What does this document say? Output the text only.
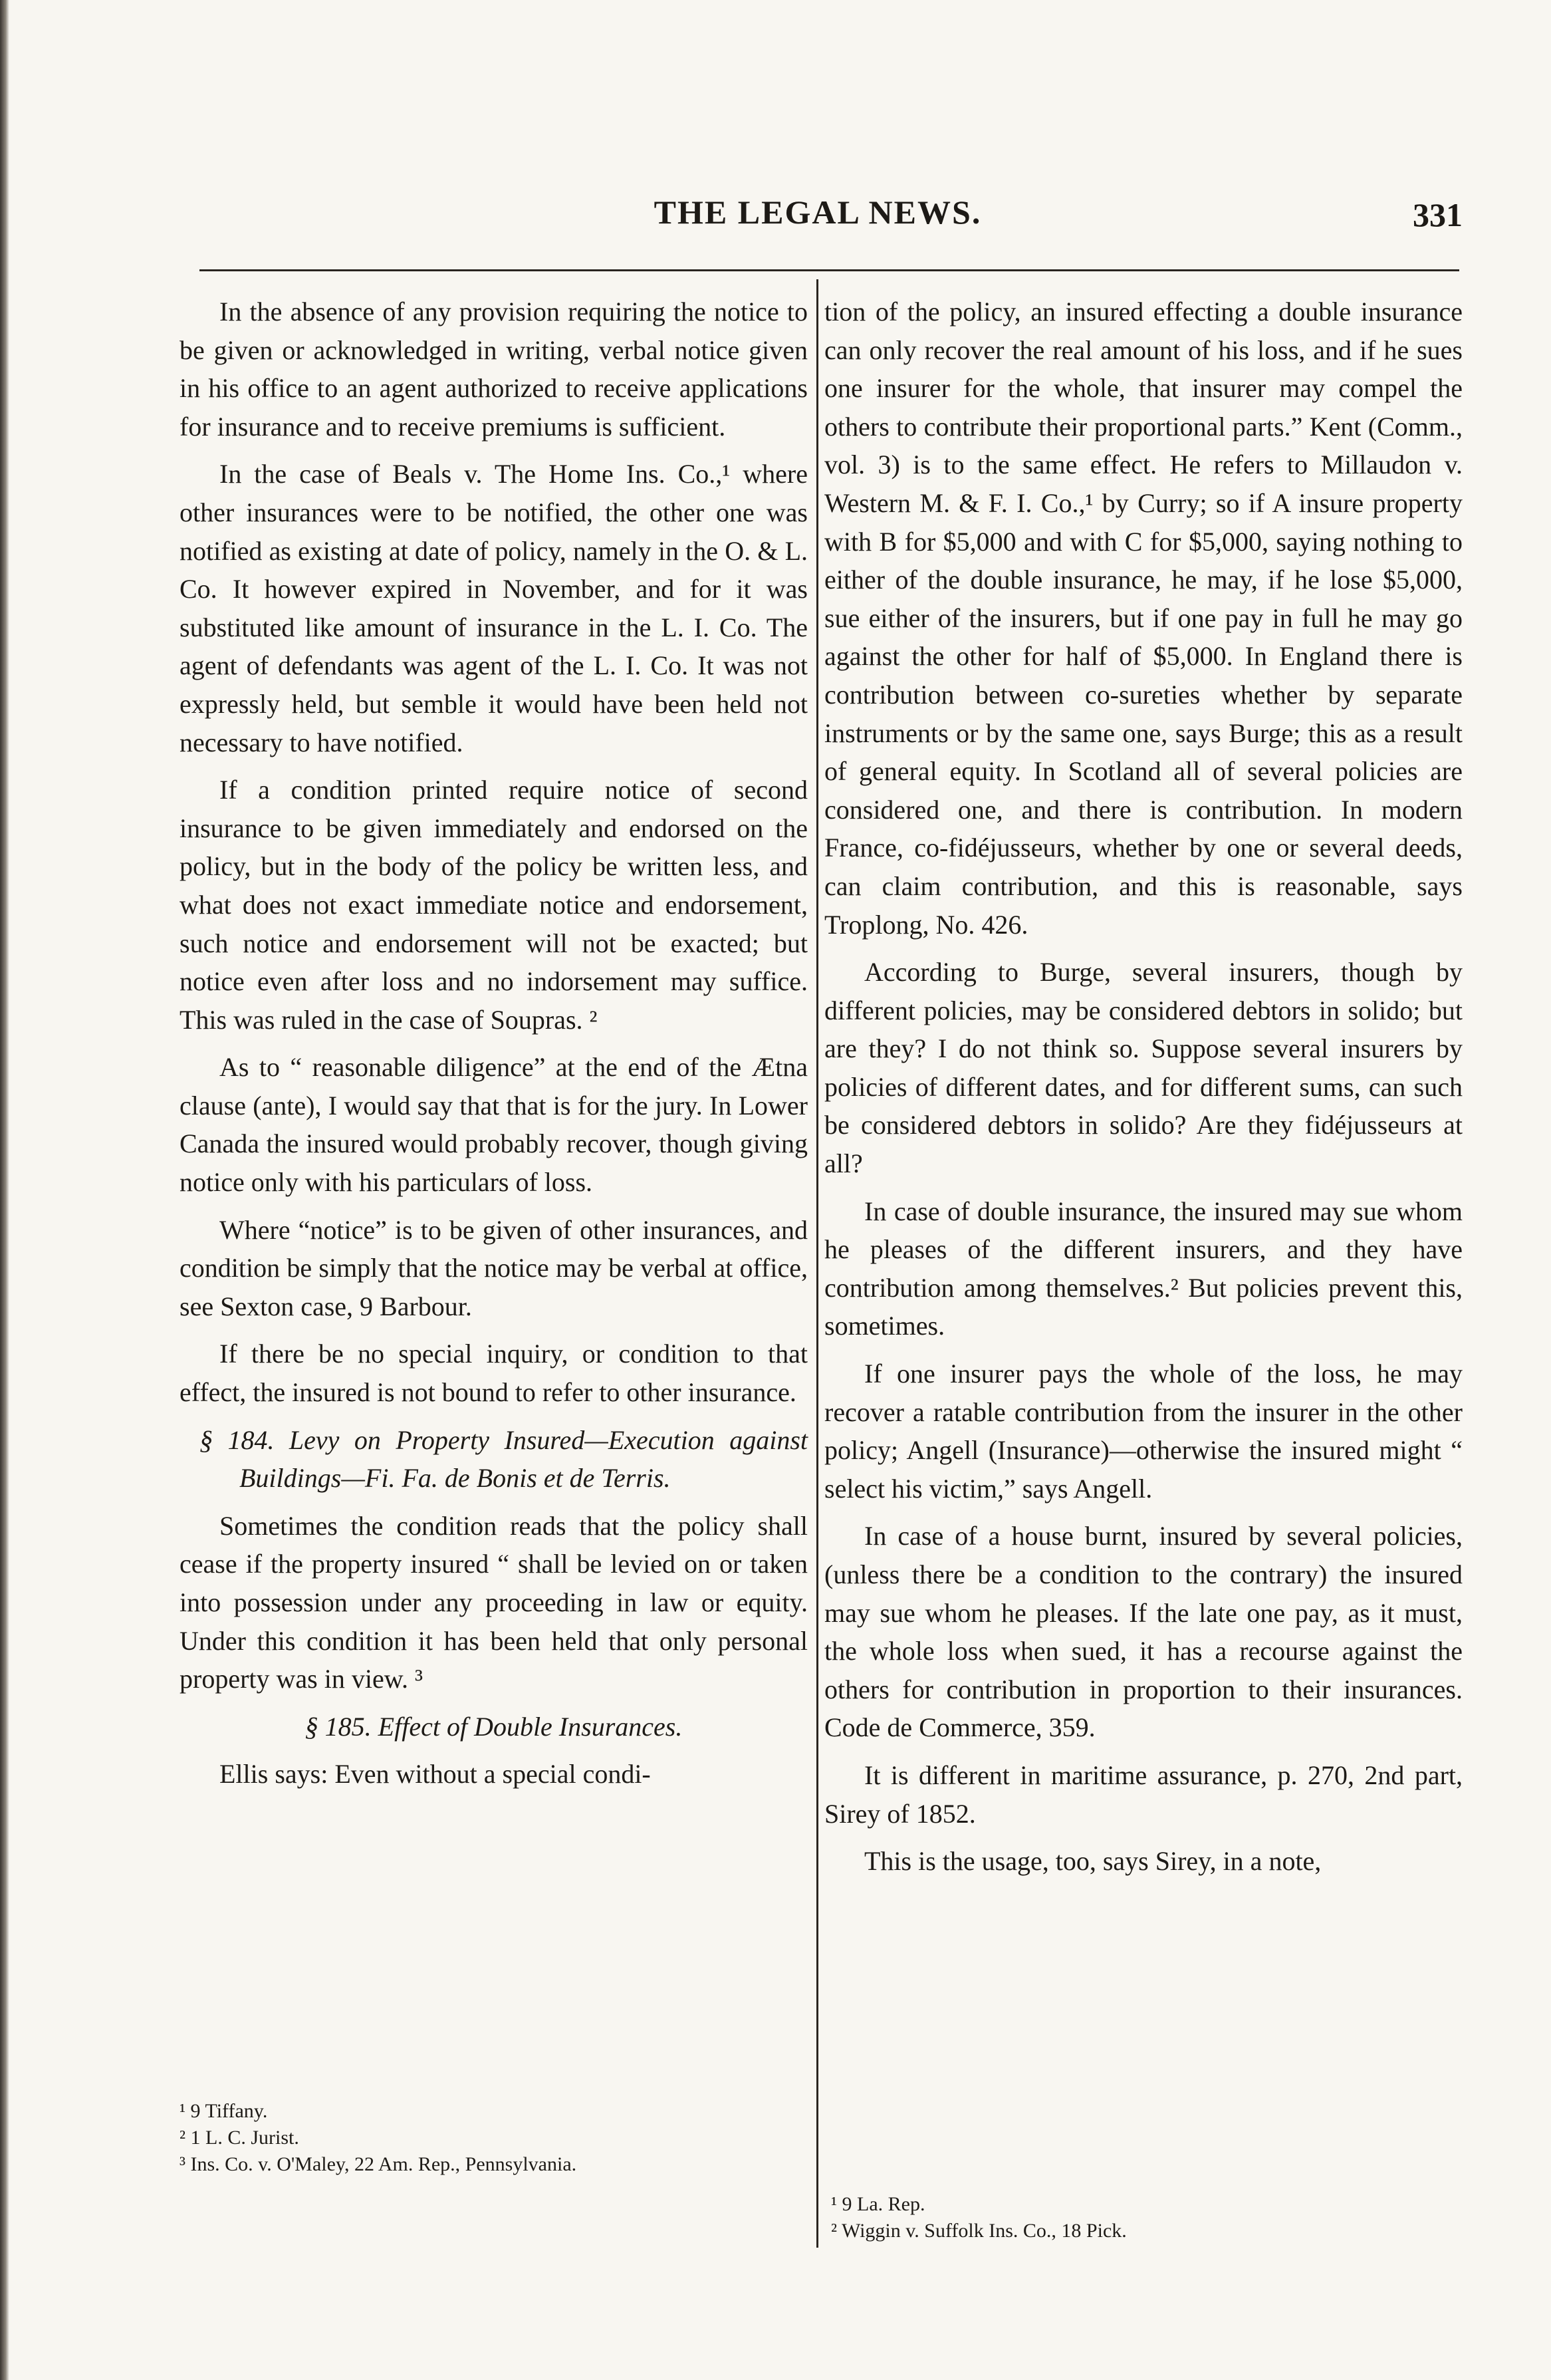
THE LEGAL NEWS.	331

In the absence of any provision requiring the notice to be given or acknowledged in writing, verbal notice given in his office to an agent authorized to receive applications for insurance and to receive premiums is sufficient.

In the case of Beals v. The Home Ins. Co.,¹ where other insurances were to be notified, the other one was notified as existing at date of policy, namely in the O. & L. Co. It however expired in November, and for it was substituted like amount of insurance in the L. I. Co. The agent of defendants was agent of the L. I. Co. It was not expressly held, but semble it would have been held not necessary to have notified.

If a condition printed require notice of second insurance to be given immediately and endorsed on the policy, but in the body of the policy be written less, and what does not exact immediate notice and endorsement, such notice and endorsement will not be exacted; but notice even after loss and no indorsement may suffice. This was ruled in the case of Soupras. ²

As to “ reasonable diligence” at the end of the Ætna clause (ante), I would say that that is for the jury. In Lower Canada the insured would probably recover, though giving notice only with his particulars of loss.

Where “notice” is to be given of other insurances, and condition be simply that the notice may be verbal at office, see Sexton case, 9 Barbour.

If there be no special inquiry, or condition to that effect, the insured is not bound to refer to other insurance.

§ 184. Levy on Property Insured—Execution against Buildings—Fi. Fa. de Bonis et de Terris.

Sometimes the condition reads that the policy shall cease if the property insured “ shall be levied on or taken into possession under any proceeding in law or equity. Under this condition it has been held that only personal property was in view. ³

§ 185. Effect of Double Insurances.

Ellis says: Even without a special condi-

tion of the policy, an insured effecting a double insurance can only recover the real amount of his loss, and if he sues one insurer for the whole, that insurer may compel the others to contribute their proportional parts.” Kent (Comm., vol. 3) is to the same effect. He refers to Millaudon v. Western M. & F. I. Co.,¹ by Curry; so if A insure property with B for $5,000 and with C for $5,000, saying nothing to either of the double insurance, he may, if he lose $5,000, sue either of the insurers, but if one pay in full he may go against the other for half of $5,000. In England there is contribution between co-sureties whether by separate instruments or by the same one, says Burge; this as a result of general equity. In Scotland all of several policies are considered one, and there is contribution. In modern France, co-fidéjusseurs, whether by one or several deeds, can claim contribution, and this is reasonable, says Troplong, No. 426.

According to Burge, several insurers, though by different policies, may be considered debtors in solido; but are they? I do not think so. Suppose several insurers by policies of different dates, and for different sums, can such be considered debtors in solido? Are they fidéjusseurs at all?

In case of double insurance, the insured may sue whom he pleases of the different insurers, and they have contribution among themselves.² But policies prevent this, sometimes.

If one insurer pays the whole of the loss, he may recover a ratable contribution from the insurer in the other policy; Angell (Insurance)—otherwise the insured might “ select his victim,” says Angell.

In case of a house burnt, insured by several policies, (unless there be a condition to the contrary) the insured may sue whom he pleases. If the late one pay, as it must, the whole loss when sued, it has a recourse against the others for contribution in proportion to their insurances. Code de Commerce, 359.

It is different in maritime assurance, p. 270, 2nd part, Sirey of 1852.

This is the usage, too, says Sirey, in a note,

¹ 9 Tiffany.
² 1 L. C. Jurist.
³ Ins. Co. v. O'Maley, 22 Am. Rep., Pennsylvania.
¹ 9 La. Rep.
² Wiggin v. Suffolk Ins. Co., 18 Pick.
